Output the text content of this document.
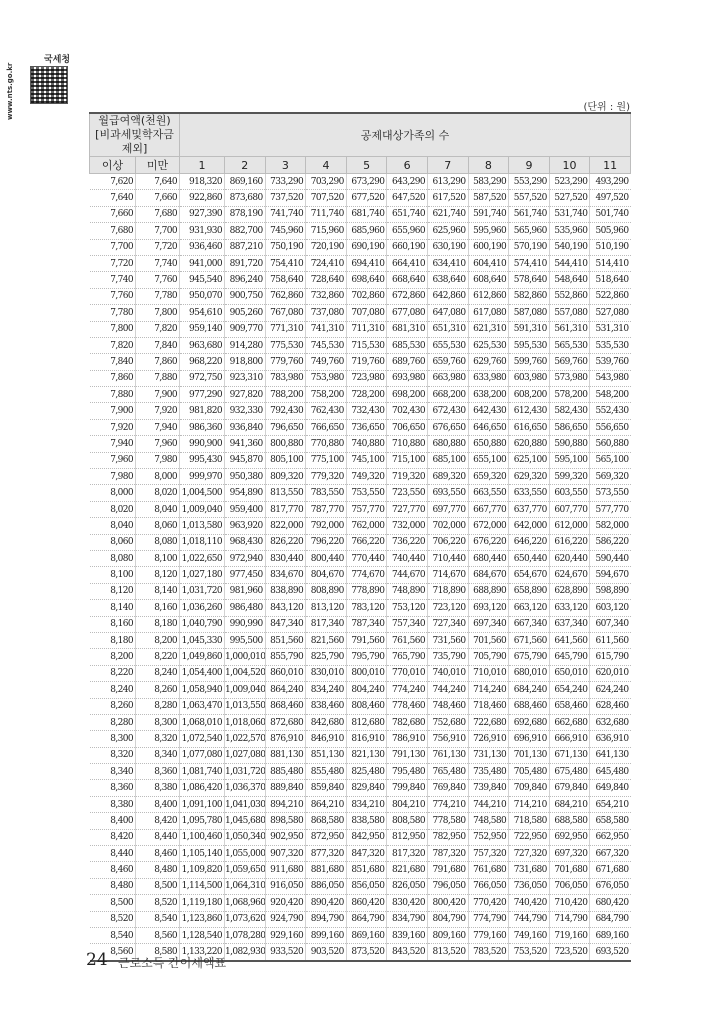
국세청
www.nts.go.kr	(단위 : 원)
월급여액(천원)
[비과세및학자금제외]		공제대상가족의 수										
이상	미만	1	2	3	4	5	6	7	8	9	10	11
7,620	7,640	918,320	869,160	733,290	703,290	673,290	643,290	613,290	583,290	553,290	523,290	493,290
7,640	7,660	922,860	873,680	737,520	707,520	677,520	647,520	617,520	587,520	557,520	527,520	497,520
7,660	7,680	927,390	878,190	741,740	711,740	681,740	651,740	621,740	591,740	561,740	531,740	501,740
7,680	7,700	931,930	882,700	745,960	715,960	685,960	655,960	625,960	595,960	565,960	535,960	505,960
7,700	7,720	936,460	887,210	750,190	720,190	690,190	660,190	630,190	600,190	570,190	540,190	510,190
7,720	7,740	941,000	891,720	754,410	724,410	694,410	664,410	634,410	604,410	574,410	544,410	514,410
7,740	7,760	945,540	896,240	758,640	728,640	698,640	668,640	638,640	608,640	578,640	548,640	518,640
7,760	7,780	950,070	900,750	762,860	732,860	702,860	672,860	642,860	612,860	582,860	552,860	522,860
7,780	7,800	954,610	905,260	767,080	737,080	707,080	677,080	647,080	617,080	587,080	557,080	527,080
7,800	7,820	959,140	909,770	771,310	741,310	711,310	681,310	651,310	621,310	591,310	561,310	531,310
7,820	7,840	963,680	914,280	775,530	745,530	715,530	685,530	655,530	625,530	595,530	565,530	535,530
7,840	7,860	968,220	918,800	779,760	749,760	719,760	689,760	659,760	629,760	599,760	569,760	539,760
7,860	7,880	972,750	923,310	783,980	753,980	723,980	693,980	663,980	633,980	603,980	573,980	543,980
7,880	7,900	977,290	927,820	788,200	758,200	728,200	698,200	668,200	638,200	608,200	578,200	548,200
7,900	7,920	981,820	932,330	792,430	762,430	732,430	702,430	672,430	642,430	612,430	582,430	552,430
7,920	7,940	986,360	936,840	796,650	766,650	736,650	706,650	676,650	646,650	616,650	586,650	556,650
7,940	7,960	990,900	941,360	800,880	770,880	740,880	710,880	680,880	650,880	620,880	590,880	560,880
7,960	7,980	995,430	945,870	805,100	775,100	745,100	715,100	685,100	655,100	625,100	595,100	565,100
7,980	8,000	999,970	950,380	809,320	779,320	749,320	719,320	689,320	659,320	629,320	599,320	569,320
8,000	8,020	1,004,500	954,890	813,550	783,550	753,550	723,550	693,550	663,550	633,550	603,550	573,550
8,020	8,040	1,009,040	959,400	817,770	787,770	757,770	727,770	697,770	667,770	637,770	607,770	577,770
8,040	8,060	1,013,580	963,920	822,000	792,000	762,000	732,000	702,000	672,000	642,000	612,000	582,000
8,060	8,080	1,018,110	968,430	826,220	796,220	766,220	736,220	706,220	676,220	646,220	616,220	586,220
8,080	8,100	1,022,650	972,940	830,440	800,440	770,440	740,440	710,440	680,440	650,440	620,440	590,440
8,100	8,120	1,027,180	977,450	834,670	804,670	774,670	744,670	714,670	684,670	654,670	624,670	594,670
8,120	8,140	1,031,720	981,960	838,890	808,890	778,890	748,890	718,890	688,890	658,890	628,890	598,890
8,140	8,160	1,036,260	986,480	843,120	813,120	783,120	753,120	723,120	693,120	663,120	633,120	603,120
8,160	8,180	1,040,790	990,990	847,340	817,340	787,340	757,340	727,340	697,340	667,340	637,340	607,340
8,180	8,200	1,045,330	995,500	851,560	821,560	791,560	761,560	731,560	701,560	671,560	641,560	611,560
8,200	8,220	1,049,860	1,000,010	855,790	825,790	795,790	765,790	735,790	705,790	675,790	645,790	615,790
8,220	8,240	1,054,400	1,004,520	860,010	830,010	800,010	770,010	740,010	710,010	680,010	650,010	620,010
8,240	8,260	1,058,940	1,009,040	864,240	834,240	804,240	774,240	744,240	714,240	684,240	654,240	624,240
8,260	8,280	1,063,470	1,013,550	868,460	838,460	808,460	778,460	748,460	718,460	688,460	658,460	628,460
8,280	8,300	1,068,010	1,018,060	872,680	842,680	812,680	782,680	752,680	722,680	692,680	662,680	632,680
8,300	8,320	1,072,540	1,022,570	876,910	846,910	816,910	786,910	756,910	726,910	696,910	666,910	636,910
8,320	8,340	1,077,080	1,027,080	881,130	851,130	821,130	791,130	761,130	731,130	701,130	671,130	641,130
8,340	8,360	1,081,740	1,031,720	885,480	855,480	825,480	795,480	765,480	735,480	705,480	675,480	645,480
8,360	8,380	1,086,420	1,036,370	889,840	859,840	829,840	799,840	769,840	739,840	709,840	679,840	649,840
8,380	8,400	1,091,100	1,041,030	894,210	864,210	834,210	804,210	774,210	744,210	714,210	684,210	654,210
8,400	8,420	1,095,780	1,045,680	898,580	868,580	838,580	808,580	778,580	748,580	718,580	688,580	658,580
8,420	8,440	1,100,460	1,050,340	902,950	872,950	842,950	812,950	782,950	752,950	722,950	692,950	662,950
8,440	8,460	1,105,140	1,055,000	907,320	877,320	847,320	817,320	787,320	757,320	727,320	697,320	667,320
8,460	8,480	1,109,820	1,059,650	911,680	881,680	851,680	821,680	791,680	761,680	731,680	701,680	671,680
8,480	8,500	1,114,500	1,064,310	916,050	886,050	856,050	826,050	796,050	766,050	736,050	706,050	676,050
8,500	8,520	1,119,180	1,068,960	920,420	890,420	860,420	830,420	800,420	770,420	740,420	710,420	680,420
8,520	8,540	1,123,860	1,073,620	924,790	894,790	864,790	834,790	804,790	774,790	744,790	714,790	684,790
8,540	8,560	1,128,540	1,078,280	929,160	899,160	869,160	839,160	809,160	779,160	749,160	719,160	689,160
8,560	8,580	1,133,220	1,082,930	933,520	903,520	873,520	843,520	813,520	783,520	753,520	723,520	693,520
24 근로소득 간이세액표
